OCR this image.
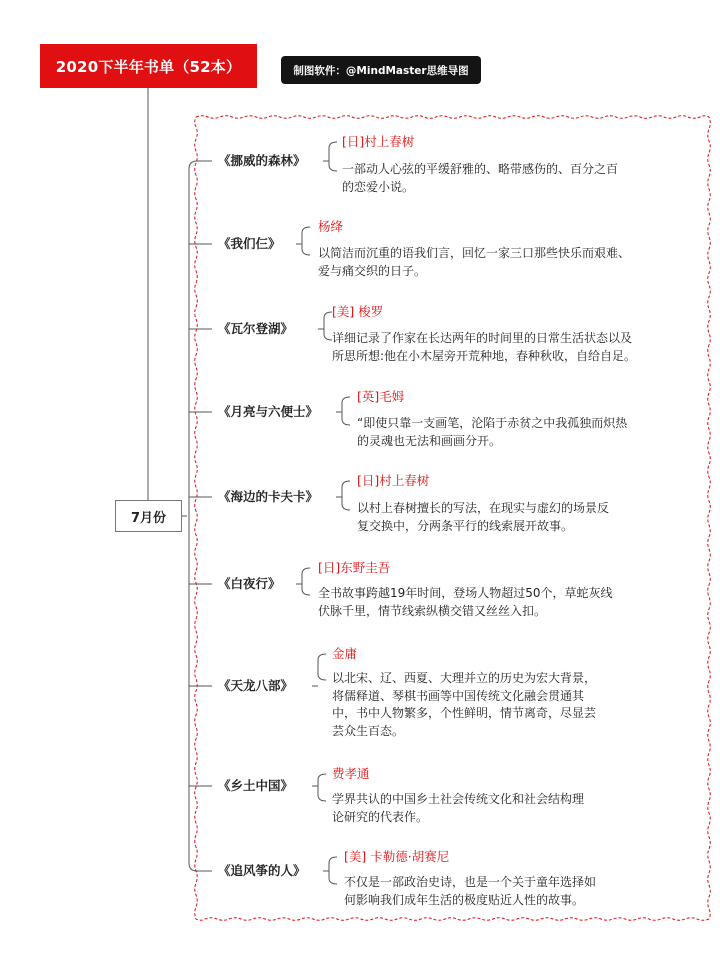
2020下半年书单（52本）	制图软件：@MindMaster思维导图
7月份
《挪威的森林》
[日]村上春树
一部动人心弦的平缓舒雅的、略带感伤的、百分之百
的恋爱小说。
《我们仨》
杨绛
以简洁而沉重的语我们言，回忆一家三口那些快乐而艰难、
爱与痛交织的日子。
《瓦尔登湖》
[美] 梭罗
详细记录了作家在长达两年的时间里的日常生活状态以及
所思所想:他在小木屋旁开荒种地，春种秋收，自给自足。
《月亮与六便士》
[英]毛姆
“即使只靠一支画笔，沦陷于赤贫之中我孤独而炽热
的灵魂也无法和画画分开。
《海边的卡夫卡》
[日]村上春树
以村上春树擅长的写法，在现实与虚幻的场景反
复交换中，分两条平行的线索展开故事。
《白夜行》
[日]东野圭吾
全书故事跨越19年时间，登场人物超过50个，草蛇灰线
伏脉千里，情节线索纵横交错又丝丝入扣。
《天龙八部》
金庸
以北宋、辽、西夏、大理并立的历史为宏大背景，
将儒释道、琴棋书画等中国传统文化融会贯通其
中，书中人物繁多，个性鲜明，情节离奇，尽显芸
芸众生百态。
《乡土中国》
费孝通
学界共认的中国乡土社会传统文化和社会结构理
论研究的代表作。
《追风筝的人》
[美] 卡勒德·胡赛尼
不仅是一部政治史诗，也是一个关于童年选择如
何影响我们成年生活的极度贴近人性的故事。
